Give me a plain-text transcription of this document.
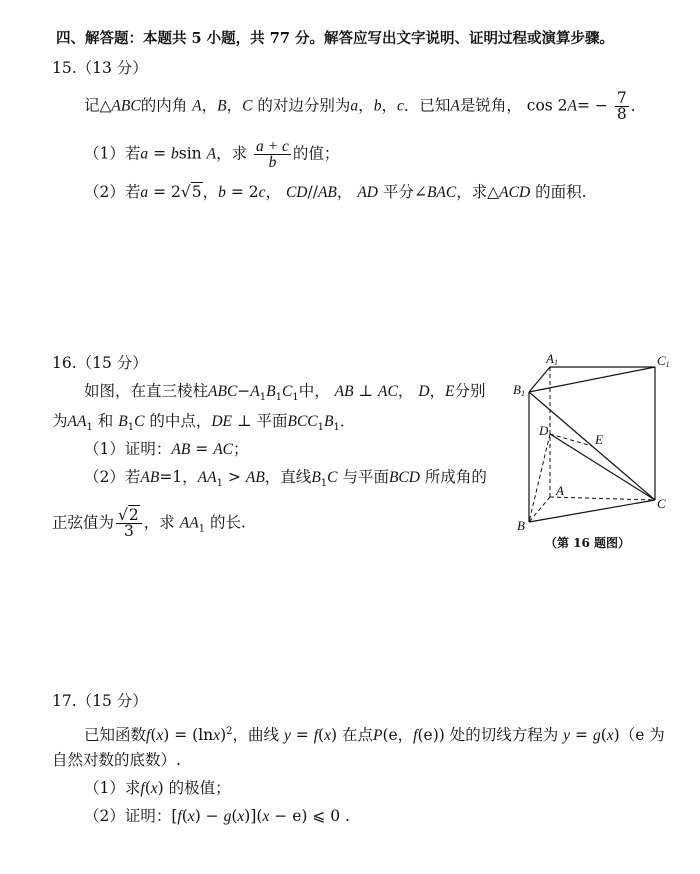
四、解答题：本题共 5 小题，共 77 分。解答应写出文字说明、证明过程或演算步骤。
15.（13 分）
记△ABC的内角 A，B，C 的对边分别为a，b，c．已知A是锐角， $\cos 2A= - \frac{7}{8}$ ．
（1）若a = bsin A，求 $\frac{a + c}{b}$ 的值；
（2）若a = 2√5，b = 2c， CD//AB， AD 平分∠BAC，求△ACD 的面积.
16.（15 分）
如图，在直三棱柱$ABC-A_1B_1C_1$中， AB ⊥ AC， D，E分别
为$AA_1$ 和 $B_1C$ 的中点，DE ⊥ 平面$BCC_1B_1$．
（1）证明：AB = AC；
（2）若AB=1，$AA_1$ > AB，直线$B_1C$ 与平面BCD 所成角的
正弦值为 $\frac{√2}{3}$ ，求 $AA_1$ 的长.
A1	C1
B1
D
E
A
C
B
（第 16 题图）
17.（15 分）
已知函数$f(x) = (\ln x)^2$，曲线 y = f(x) 在点P(e，f(e)) 处的切线方程为 y = g(x)（e 为
自然对数的底数）.
（1）求f(x) 的极值；
（2）证明：[f(x) − g(x)](x − e) ⩽ 0 .
